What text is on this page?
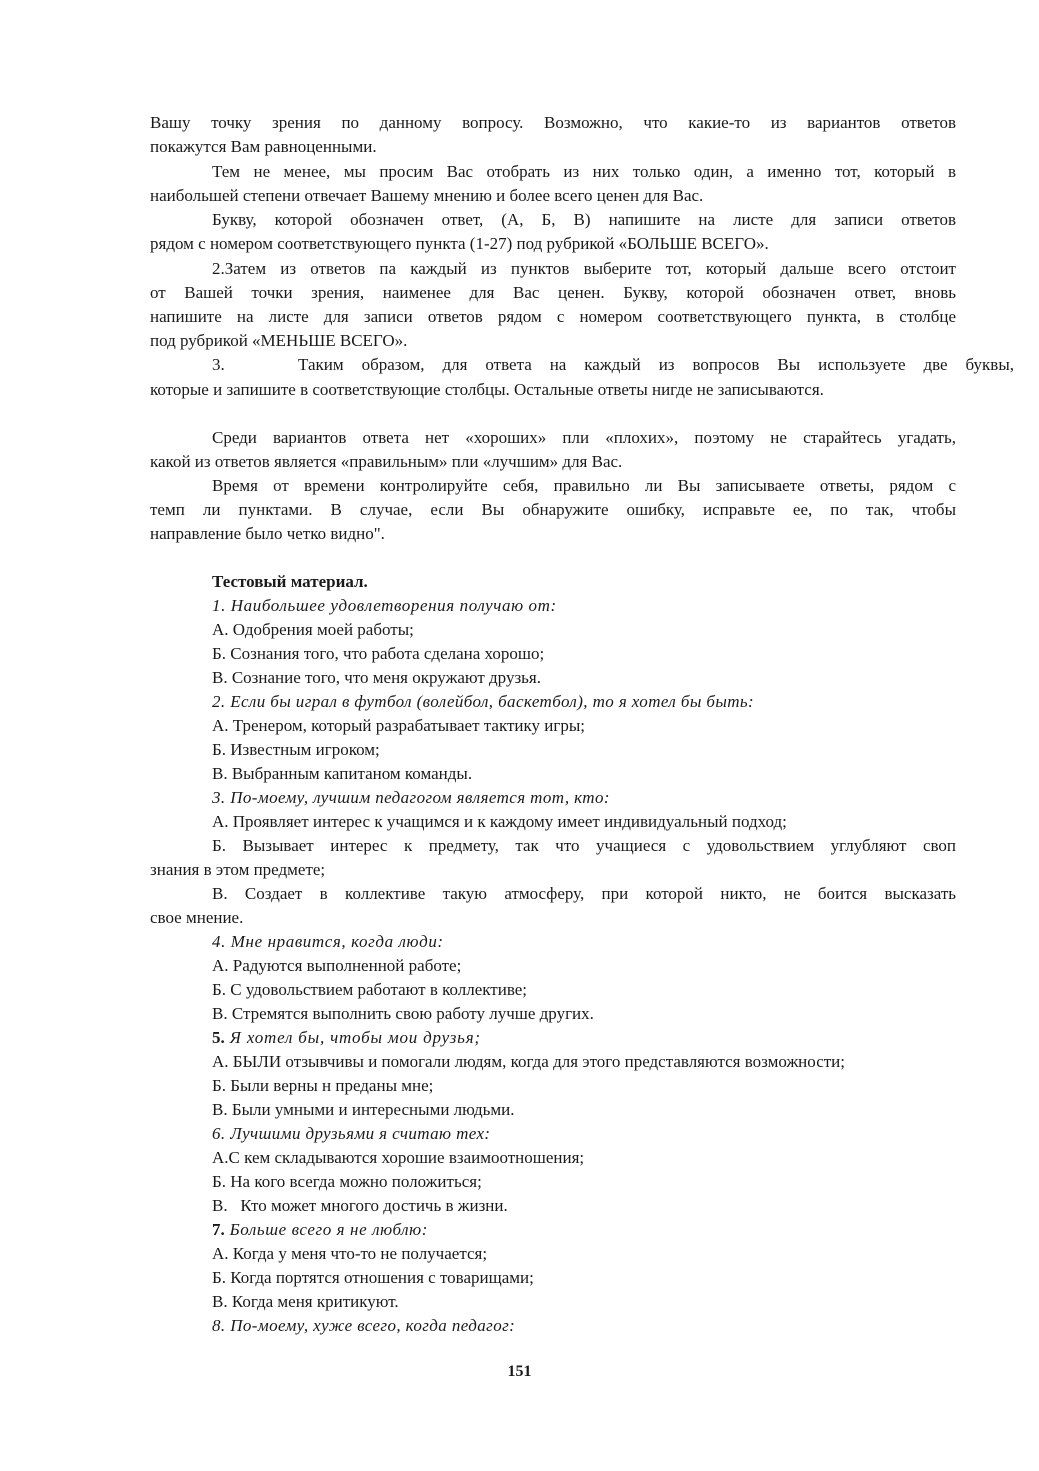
Вашу точку зрения по данному вопросу. Возможно, что какие-то из вариантов ответов
покажутся Вам равноценными.
Тем не менее, мы просим Вас отобрать из них только один, а именно тот, который в
наибольшей степени отвечает Вашему мнению и более всего ценен для Вас.
Букву, которой обозначен ответ, (А, Б, В) напишите на листе для записи ответов
рядом с номером соответствующего пункта (1-27) под рубрикой «БОЛЬШЕ ВСЕГО».
2.Затем из ответов па каждый из пунктов выберите тот, который дальше всего отстоит
от Вашей точки зрения, наименее для Вас ценен. Букву, которой обозначен ответ, вновь
напишите на листе для записи ответов рядом с номером соответствующего пункта, в столбце
под рубрикой «МЕНЬШЕ ВСЕГО».
3.	Таким образом, для ответа на каждый из вопросов Вы используете две буквы,
которые и запишите в соответствующие столбцы. Остальные ответы нигде не записываются.
Среди вариантов ответа нет «хороших» пли «плохих», поэтому не старайтесь угадать,
какой из ответов является «правильным» пли «лучшим» для Вас.
Время от времени контролируйте себя, правильно ли Вы записываете ответы, рядом с
темп ли пунктами. В случае, если Вы обнаружите ошибку, исправьте ее, по так, чтобы
направление было четко видно".
Тестовый материал.
1. Наибольшее удовлетворения получаю от:
А. Одобрения моей работы;
Б. Сознания того, что работа сделана хорошо;
В. Сознание того, что меня окружают друзья.
2. Если бы играл в футбол (волейбол, баскетбол), то я хотел бы быть:
А. Тренером, который разрабатывает тактику игры;
Б. Известным игроком;
В. Выбранным капитаном команды.
3. По-моему, лучшим педагогом является тот, кто:
А. Проявляет интерес к учащимся и к каждому имеет индивидуальный подход;
Б. Вызывает интерес к предмету, так что учащиеся с удовольствием углубляют своп
знания в этом предмете;
В. Создает в коллективе такую атмосферу, при которой никто, не боится высказать
свое мнение.
4. Мне нравится, когда люди:
А. Радуются выполненной работе;
Б. С удовольствием работают в коллективе;
В. Стремятся выполнить свою работу лучше других.
5. Я хотел бы, чтобы мои друзья;
А. БЫЛИ отзывчивы и помогали людям, когда для этого представляются возможности;
Б. Были верны н преданы мне;
В. Были умными и интересными людьми.
6. Лучшими друзьями я считаю тех:
А.С кем складываются хорошие взаимоотношения;
Б. На кого всегда можно положиться;
В.   Кто может многого достичь в жизни.
7. Больше всего я не люблю:
А. Когда у меня что-то не получается;
Б. Когда портятся отношения с товарищами;
В. Когда меня критикуют.
8. По-моему, хуже всего, когда педагог:
151
